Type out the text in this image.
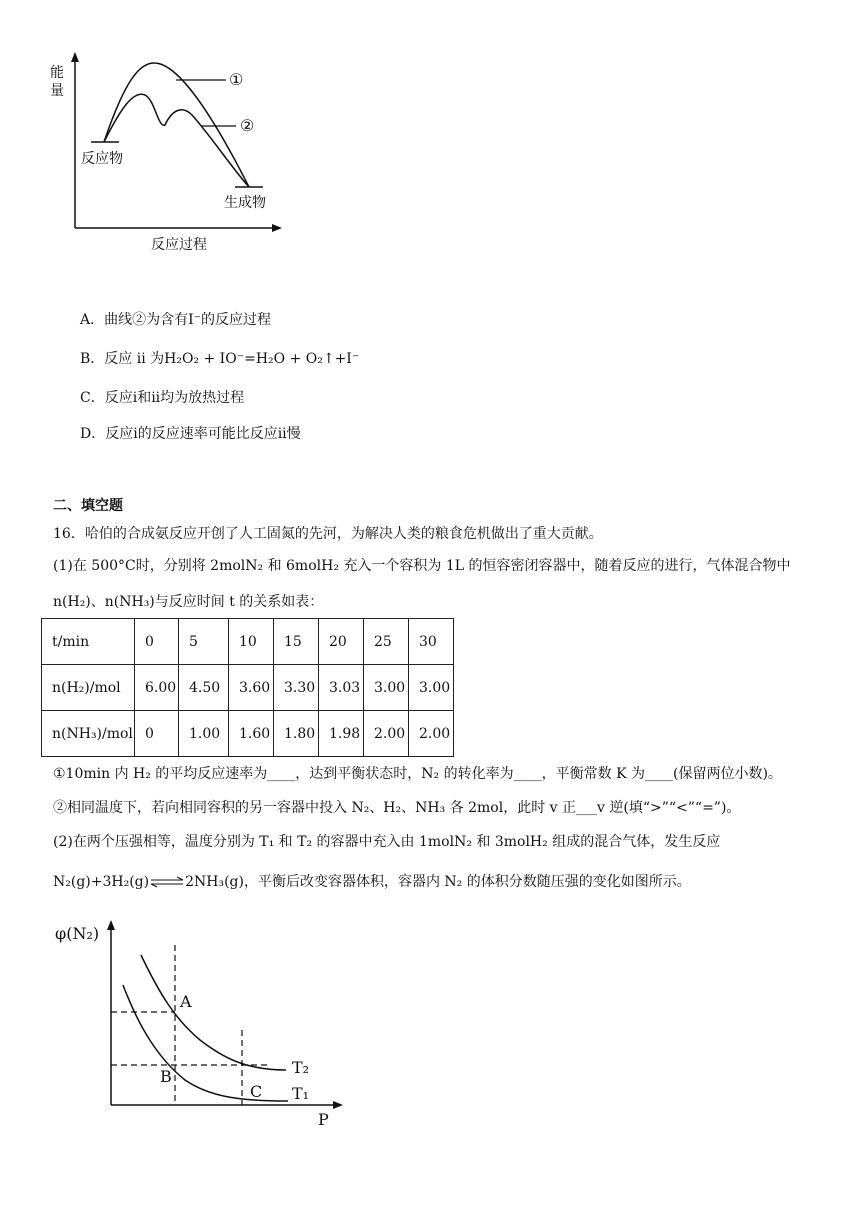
能量
反应过程
反应物
生成物
①
②
A．曲线②为含有I⁻的反应过程
B．反应 ii 为H₂O₂ + IO⁻=H₂O + O₂↑+I⁻
C．反应i和ii均为放热过程
D．反应i的反应速率可能比反应ii慢
二、填空题
16．哈伯的合成氨反应开创了人工固氮的先河，为解决人类的粮食危机做出了重大贡献。
(1)在 500°C时，分别将 2molN₂ 和 6molH₂ 充入一个容积为 1L 的恒容密闭容器中，随着反应的进行，气体混合物中
n(H₂)、n(NH₃)与反应时间 t 的关系如表：
t/min	0	5	10	15	20	25	30
n(H₂)/mol	6.00	4.50	3.60	3.30	3.03	3.00	3.00
n(NH₃)/mol	0	1.00	1.60	1.80	1.98	2.00	2.00
①10min 内 H₂ 的平均反应速率为____，达到平衡状态时，N₂ 的转化率为____，平衡常数 K 为____(保留两位小数)。
②相同温度下，若向相同容积的另一容器中投入 N₂、H₂、NH₃ 各 2mol，此时 v 正___v 逆(填“>”“<”“=”)。
(2)在两个压强相等，温度分别为 T₁ 和 T₂ 的容器中充入由 1molN₂ 和 3molH₂ 组成的混合气体，发生反应
N₂(g)+3H₂(g)⇌2NH₃(g)，平衡后改变容器体积，容器内 N₂ 的体积分数随压强的变化如图所示。
φ(N₂)
P
A
B
C
T₂
T₁
